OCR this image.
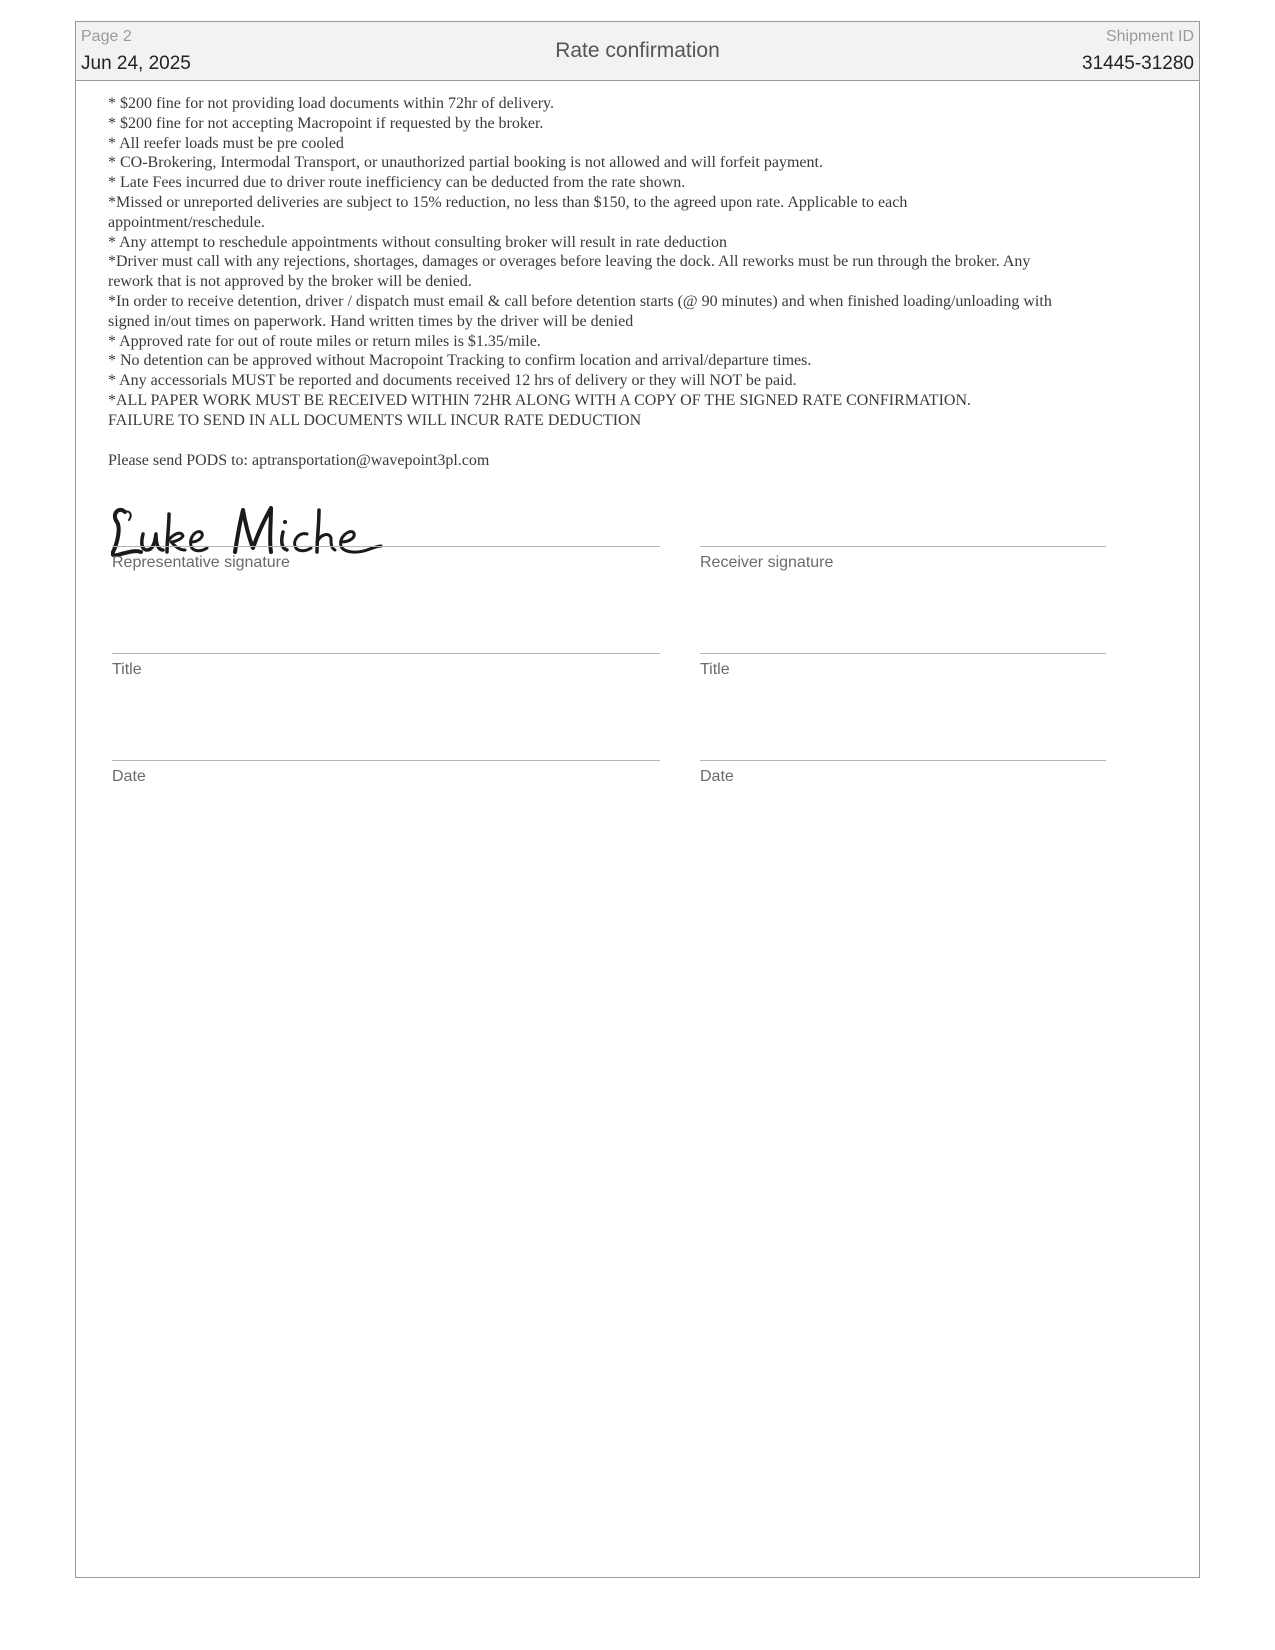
Page 2
Jun 24, 2025
Rate confirmation
Shipment ID
31445-31280
* $200 fine for not providing load documents within 72hr of delivery.
* $200 fine for not accepting Macropoint if requested by the broker.
* All reefer loads must be pre cooled
* CO-Brokering, Intermodal Transport, or unauthorized partial booking is not allowed and will forfeit payment.
* Late Fees incurred due to driver route inefficiency can be deducted from the rate shown.
*Missed or unreported deliveries are subject to 15% reduction, no less than $150, to the agreed upon rate. Applicable to each
appointment/reschedule.
* Any attempt to reschedule appointments without consulting broker will result in rate deduction
*Driver must call with any rejections, shortages, damages or overages before leaving the dock. All reworks must be run through the broker. Any
rework that is not approved by the broker will be denied.
*In order to receive detention, driver / dispatch must email & call before detention starts (@ 90 minutes) and when finished loading/unloading with
signed in/out times on paperwork. Hand written times by the driver will be denied
* Approved rate for out of route miles or return miles is $1.35/mile.
* No detention can be approved without Macropoint Tracking to confirm location and arrival/departure times.
* Any accessorials MUST be reported and documents received 12 hrs of delivery or they will NOT be paid.
*ALL PAPER WORK MUST BE RECEIVED WITHIN 72HR ALONG WITH A COPY OF THE SIGNED RATE CONFIRMATION.
FAILURE TO SEND IN ALL DOCUMENTS WILL INCUR RATE DEDUCTION
Please send PODS to: aptransportation@wavepoint3pl.com
Representative signature	Receiver signature
Title	Title
Date	Date
